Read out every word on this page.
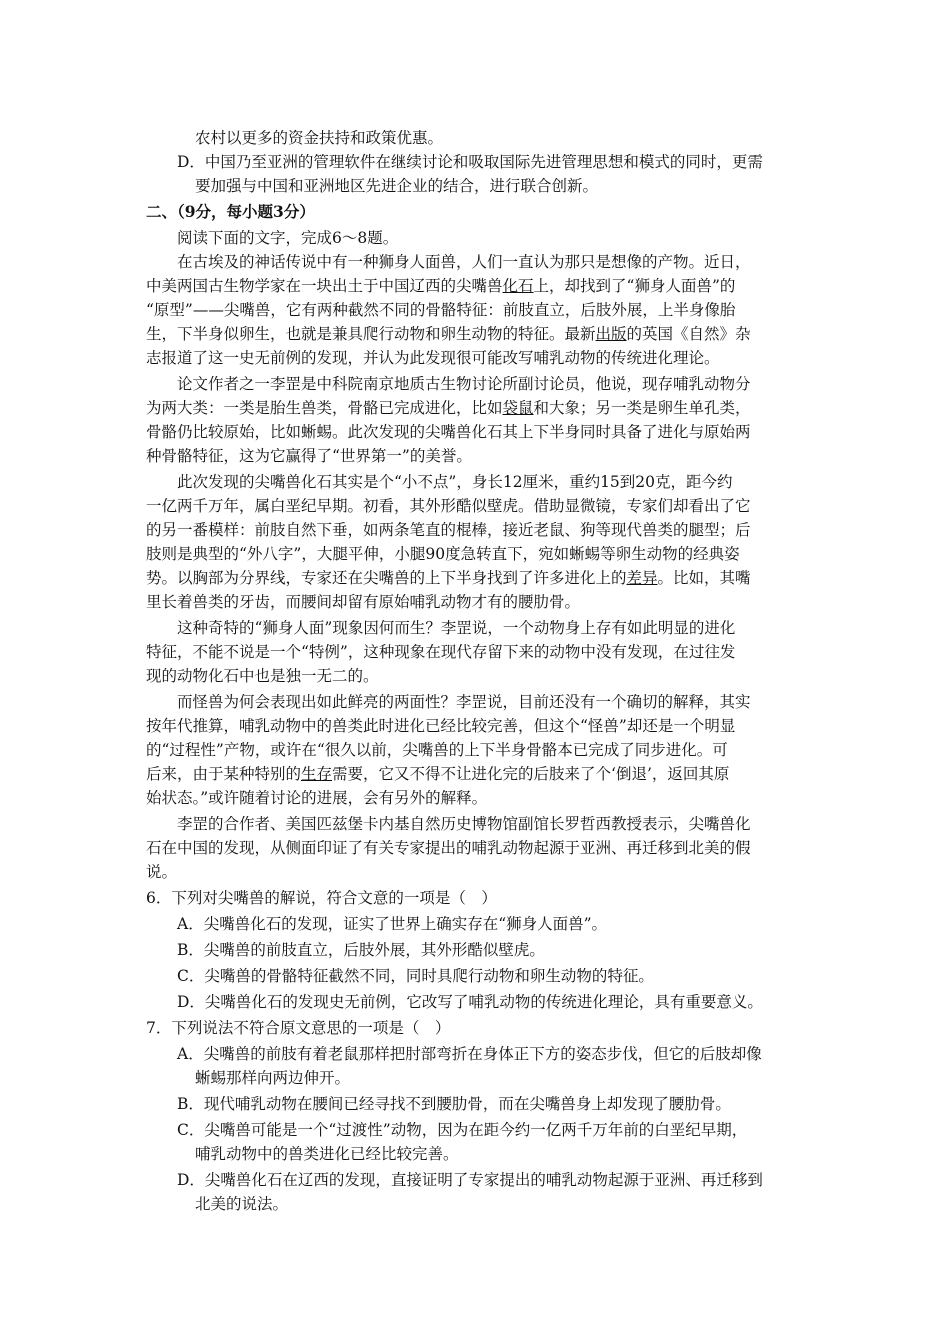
农村以更多的资金扶持和政策优惠。
D．中国乃至亚洲的管理软件在继续讨论和吸取国际先进管理思想和模式的同时，更需
要加强与中国和亚洲地区先进企业的结合，进行联合创新。
二、（9分，每小题3分）
阅读下面的文字，完成6～8题。
在古埃及的神话传说中有一种狮身人面兽，人们一直认为那只是想像的产物。近日，
中美两国古生物学家在一块出土于中国辽西的尖嘴兽化石上，却找到了“狮身人面兽”的
“原型”——尖嘴兽，它有两种截然不同的骨骼特征：前肢直立，后肢外展，上半身像胎
生，下半身似卵生，也就是兼具爬行动物和卵生动物的特征。最新出版的英国《自然》杂
志报道了这一史无前例的发现，并认为此发现很可能改写哺乳动物的传统进化理论。
论文作者之一李罡是中科院南京地质古生物讨论所副讨论员，他说，现存哺乳动物分
为两大类：一类是胎生兽类，骨骼已完成进化，比如袋鼠和大象；另一类是卵生单孔类，
骨骼仍比较原始，比如蜥蜴。此次发现的尖嘴兽化石其上下半身同时具备了进化与原始两
种骨骼特征，这为它赢得了“世界第一”的美誉。
此次发现的尖嘴兽化石其实是个“小不点”，身长12厘米，重约15到20克，距今约
一亿两千万年，属白垩纪早期。初看，其外形酷似壁虎。借助显微镜，专家们却看出了它
的另一番模样：前肢自然下垂，如两条笔直的棍棒，接近老鼠、狗等现代兽类的腿型；后
肢则是典型的“外八字”，大腿平伸，小腿90度急转直下，宛如蜥蜴等卵生动物的经典姿
势。以胸部为分界线，专家还在尖嘴兽的上下半身找到了许多进化上的差异。比如，其嘴
里长着兽类的牙齿，而腰间却留有原始哺乳动物才有的腰肋骨。
这种奇特的“狮身人面”现象因何而生？李罡说，一个动物身上存有如此明显的进化
特征，不能不说是一个“特例”，这种现象在现代存留下来的动物中没有发现，在过往发
现的动物化石中也是独一无二的。
而怪兽为何会表现出如此鲜亮的两面性？李罡说，目前还没有一个确切的解释，其实
按年代推算，哺乳动物中的兽类此时进化已经比较完善，但这个“怪兽”却还是一个明显
的“过程性”产物，或许在“很久以前，尖嘴兽的上下半身骨骼本已完成了同步进化。可
后来，由于某种特别的生存需要，它又不得不让进化完的后肢来了个‘倒退’，返回其原
始状态。”或许随着讨论的进展，会有另外的解释。
李罡的合作者、美国匹兹堡卡内基自然历史博物馆副馆长罗哲西教授表示，尖嘴兽化
石在中国的发现，从侧面印证了有关专家提出的哺乳动物起源于亚洲、再迁移到北美的假
说。
6．下列对尖嘴兽的解说，符合文意的一项是（　）
A．尖嘴兽化石的发现，证实了世界上确实存在“狮身人面兽”。
B．尖嘴兽的前肢直立，后肢外展，其外形酷似壁虎。
C．尖嘴兽的骨骼特征截然不同，同时具爬行动物和卵生动物的特征。
D．尖嘴兽化石的发现史无前例，它改写了哺乳动物的传统进化理论，具有重要意义。
7．下列说法不符合原文意思的一项是（　）
A．尖嘴兽的前肢有着老鼠那样把肘部弯折在身体正下方的姿态步伐，但它的后肢却像
蜥蜴那样向两边伸开。
B．现代哺乳动物在腰间已经寻找不到腰肋骨，而在尖嘴兽身上却发现了腰肋骨。
C．尖嘴兽可能是一个“过渡性”动物，因为在距今约一亿两千万年前的白垩纪早期，
哺乳动物中的兽类进化已经比较完善。
D．尖嘴兽化石在辽西的发现，直接证明了专家提出的哺乳动物起源于亚洲、再迁移到
北美的说法。
